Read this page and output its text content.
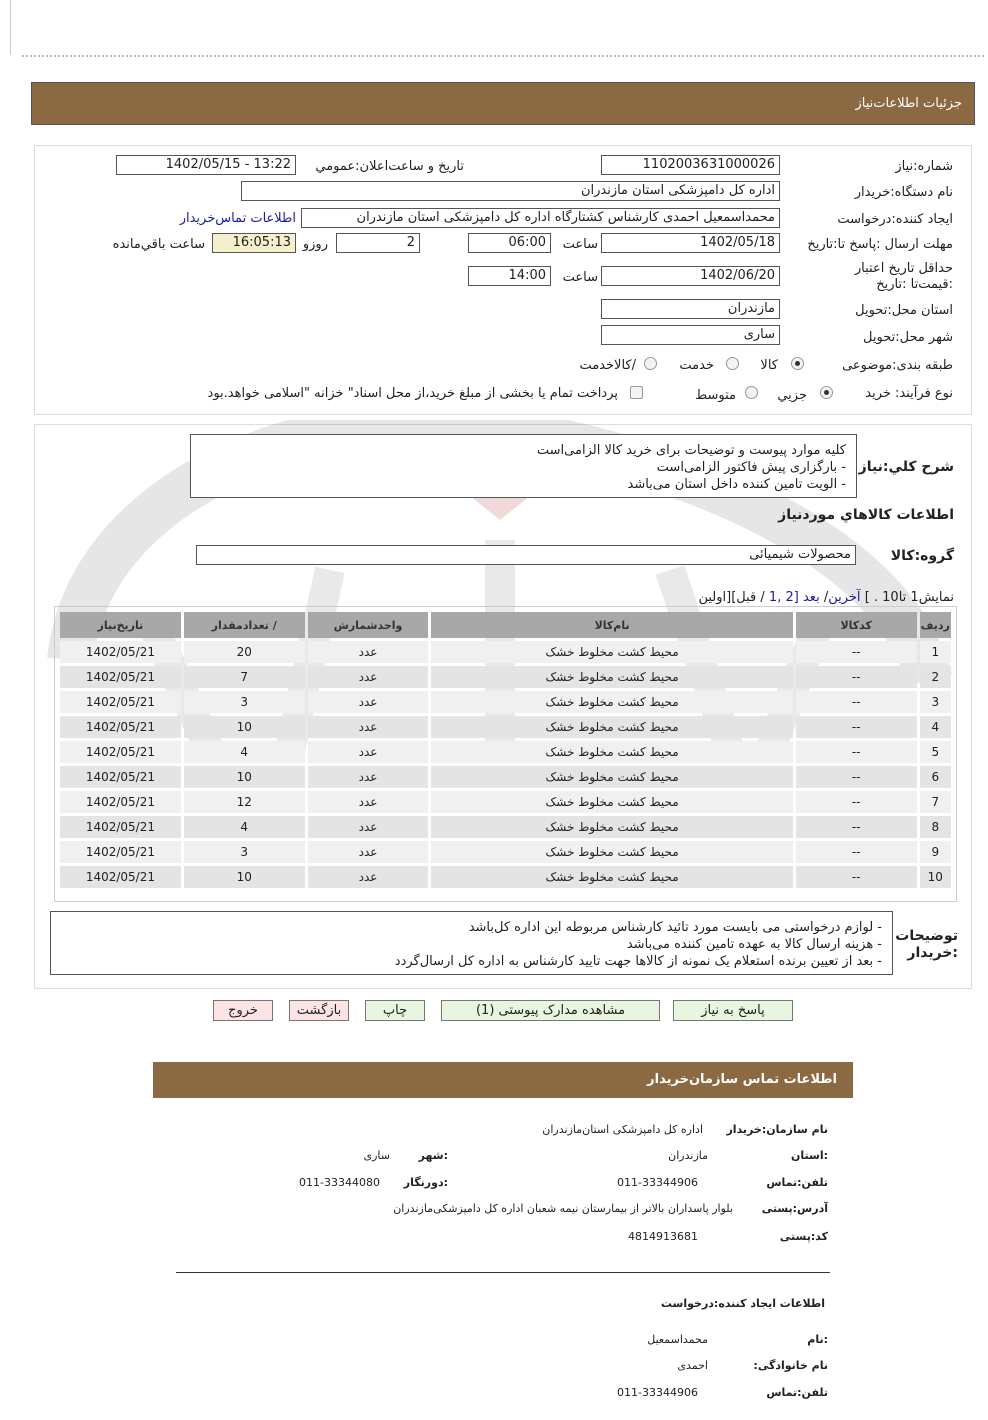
جزئیات اطلاعات‌نیاز
شماره:نیاز
1102003631000026
تاریخ و ساعت‌اعلان:عمومي
1402/05/15 - 13:22
نام دستگاه:خریدار
اداره کل دامپزشکی استان مازندران
ایجاد کننده:درخواست
محمداسمعیل احمدی کارشناس کشتارگاه اداره کل دامپزشکی استان مازندران
اطلاعات تماس‌خریدار
مهلت ارسال :پاسخ تا:تاریخ
1402/05/18
ساعت
06:00
2
روزو
16:05:13
ساعت باقي‌مانده
حداقل تاریخ اعتبار :قیمت‌تا :تاریخ
1402/06/20
ساعت
14:00
استان محل:تحویل
مازندران
شهر محل:تحویل
ساری
طبقه بندی:موضوعی
کالا
خدمت
/کالاخدمت
نوع فرآیند: خرید
جزيي
متوسط
پرداخت تمام یا بخشی از مبلغ خرید،از محل اسناد" خزانه "اسلامی خواهد.بود
شرح کلي:نیاز
کلیه موارد پیوست و توضیحات برای خرید کالا الزامی‌است
- بارگزاری پیش فاکتور الزامی‌است
- الویت تامین کننده داخل استان می‌باشد
اطلاعات کالاهاي مورد‌نیاز
گروه:کالا
محصولات شیمیائی
نمایش1 تا10 . ] آخرین/ بعد [2 ,1 / قبل][اولین
ردیف	کدکالا	نام‌کالا	واحدشمارش	/ تعدادمقدار	تاریخ‌نیاز
1	--	محیط کشت مخلوط خشک	عدد	20	1402/05/21
2	--	محیط کشت مخلوط خشک	عدد	7	1402/05/21
3	--	محیط کشت مخلوط خشک	عدد	3	1402/05/21
4	--	محیط کشت مخلوط خشک	عدد	10	1402/05/21
5	--	محیط کشت مخلوط خشک	عدد	4	1402/05/21
6	--	محیط کشت مخلوط خشک	عدد	10	1402/05/21
7	--	محیط کشت مخلوط خشک	عدد	12	1402/05/21
8	--	محیط کشت مخلوط خشک	عدد	4	1402/05/21
9	--	محیط کشت مخلوط خشک	عدد	3	1402/05/21
10	--	محیط کشت مخلوط خشک	عدد	10	1402/05/21
توضیحات
:خریدار
- لوازم درخواستی می بایست مورد تائید کارشناس مربوطه این اداره کل‌باشد
- هزینه ارسال کالا به عهده تامین کننده می‌باشد
- بعد از تعیین برنده استعلام یک نمونه از کالاها جهت تایید کارشناس به اداره کل ارسال‌گردد
پاسخ به نیاز
مشاهده مدارک پیوستی (1)
چاپ
بازگشت
خروج
اطلاعات تماس سازمان‌خریدار
نام سازمان:خریدار
اداره کل دامپزشکی استان‌مازندران
:استان
مازندران
:شهر
ساری
تلفن:تماس
011-33344906
:دورنگار
011-33344080
آدرس:پستی
بلوار پاسداران بالاتر از بیمارستان نیمه شعبان اداره کل دامپزشکی‌مازندران
کد:پستی
4814913681
اطلاعات ایجاد کننده:درخواست
:نام
محمداسمعیل
نام خانوادگی:
احمدی
تلفن:تماس
011-33344906
